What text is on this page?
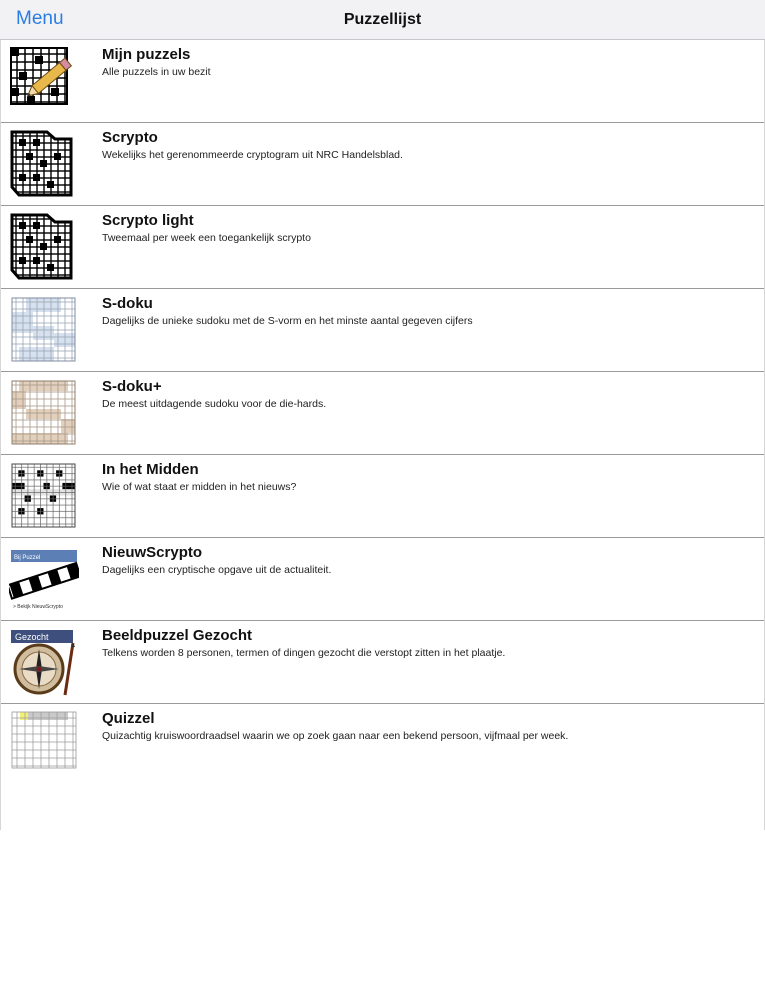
Menu	Puzzellijst
Mijn puzzels
Alle puzzels in uw bezit
Scrypto
Wekelijks het gerenommeerde cryptogram uit NRC Handelsblad.
Scrypto light
Tweemaal per week een toegankelijk scrypto
S-doku
Dagelijks de unieke sudoku met de S-vorm en het minste aantal gegeven cijfers
S-doku+
De meest uitdagende sudoku voor de die-hards.
In het Midden
Wie of wat staat er midden in het nieuws?
Bij Puzzel
> Bekijk NieuwScrypto
NieuwScrypto
Dagelijks een cryptische opgave uit de actualiteit.
Gezocht	Beeldpuzzel Gezocht
Telkens worden 8 personen, termen of dingen gezocht die verstopt zitten in het plaatje.
Quizzel
Quizachtig kruiswoordraadsel waarin we op zoek gaan naar een bekend persoon, vijfmaal per week.
